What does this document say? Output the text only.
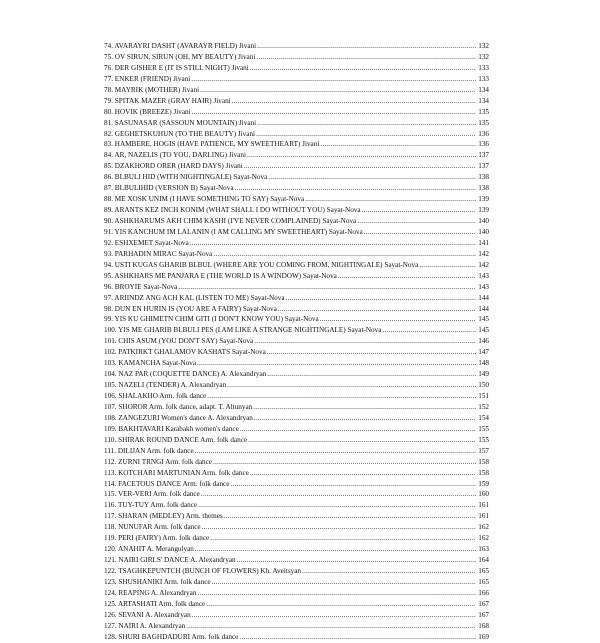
74. AVARAYRI DASHT (AVARAYR FIELD) Jivani .....	132
75. OV SIRUN, SIRUN (OH, MY BEAUTY) Jivani .....	132
76. DER GISHER E (IT IS STILL NIGHT) Jivani .....	133
77. ENKER (FRIEND) Jivani .....	133
78. MAYRIK (MOTHER) Jivani .....	134
79. SPITAK MAZER (GRAY HAIR) Jivani .....	134
80. HOVIK (BREEZE) Jivani .....	135
81. SASUNASAR (SASSOUN MOUNTAIN) Jivani .....	135
82. GEGHETSKUHUN (TO THE BEAUTY) Jivani .....	136
83. HAMBERE, HOGIS (HAVE PATIENCE, MY SWEETHEART) Jivani .....	136
84. AR, NAZELIS (TO YOU, DARLING) Jivani .....	137
85. DZAKHORD ORER (HARD DAYS) Jivani .....	137
86. BLBULI HID (WITH NIGHTINGALE) Sayat-Nova .....	138
87. BLBULIHID (VERSION B) Sayat-Nova .....	138
88. ME XOSK UNIM (I HAVE SOMETHING TO SAY) Sayat-Nova .....	139
89. ARANTS KEZ INCH KONIM (WHAT SHALL I DO WITHOUT YOU) Sayat-Nova .....	139
90. ASHKHARUMS AKH CHIM KASHI (I'VE NEVER COMPLAINED) Sayat-Nova .....	140
91. YIS KANCHUM IM LALANIN (I AM CALLING MY SWEETHEART) Sayat-Nova .....	140
92. ESHXEMET Sayat-Nova .....	141
93. PARHADIN MIRAC Sayat-Nova .....	142
94. USTI KUGAS GHARIB BLBUL (WHERE ARE YOU COMING FROM, NIGHTINGALE) Sayat-Nova .....	142
95. ASHKHARS ME PANJARA E (THE WORLD IS A WINDOW) Sayat-Nova .....	143
96. BROYIE Sayat-Nova .....	143
97. ARIINDZ ANG ACH KAL (LISTEN TO ME) Sayat-Nova .....	144
98. DUN EN HURIN IS (YOU ARE A FAIRY) Sayat-Nova .....	144
99. YIS KU GHIMETN CHIM GITI (I DON'T KNOW YOU) Sayat-Nova .....	145
100. YIS ME GHARIB BLBULI PES (I AM LIKE A STRANGE NIGHTINGALE) Sayat-Nova .....	145
101. CHIS ASUM (YOU DON'T SAY) Sayat-Nova .....	146
102. PATKIRKT GHALAMOV KASHATS Sayat-Nova .....	147
103. KAMANCHA Sayat-Nova .....	148
104. NAZ PAR (COQUETTE DANCE) A. Alexandryan .....	149
105. NAZELI (TENDER) A. Alexandryan .....	150
106. SHALAKHO Arm. folk dance .....	151
107. SHOROR Arm. folk dance, adapt. T. Altunyan .....	152
108. ZANGEZURI Women's dance A. Alexandryan .....	154
109. BAKHTAVARI Karabakh women's dance .....	155
110. SHIRAK ROUND DANCE Arm. folk dance .....	155
111. DILIJAN Arm. folk dance .....	157
112. ZURNI TRNGI Arm. folk dance .....	158
113. KOTCHARI MARTUNIAN Arm. folk dance .....	158
114. FACETOUS DANCE Arm. folk dance .....	159
115. VER-VERI Arm. folk dance .....	160
116. TUY-TUY Arm. folk dance .....	161
117. SHARAN (MEDLEY) Arm. themes .....	161
118. NUNUFAR Arm. folk dance .....	162
119. PERI (FAIRY) Arm. folk dance .....	162
120. ANAHIT A. Merangulyan .....	163
121. NAIRI GIRLS' DANCE A. Alexandryan .....	164
122. TSAGHKEPUNTCH (BUNCH OF FLOWERS) Kh. Aveitsyan .....	165
123. SHUSHANIKI Arm. folk dance .....	165
124. REAPING A. Alexandryan .....	166
125. ARTASHATI Arm. folk dance .....	167
126. SEVANI A. Alexandryan .....	167
127. NAIRI A. Alexandryan .....	168
128. SHURI BAGHDADURI Arm. folk dance .....	169
